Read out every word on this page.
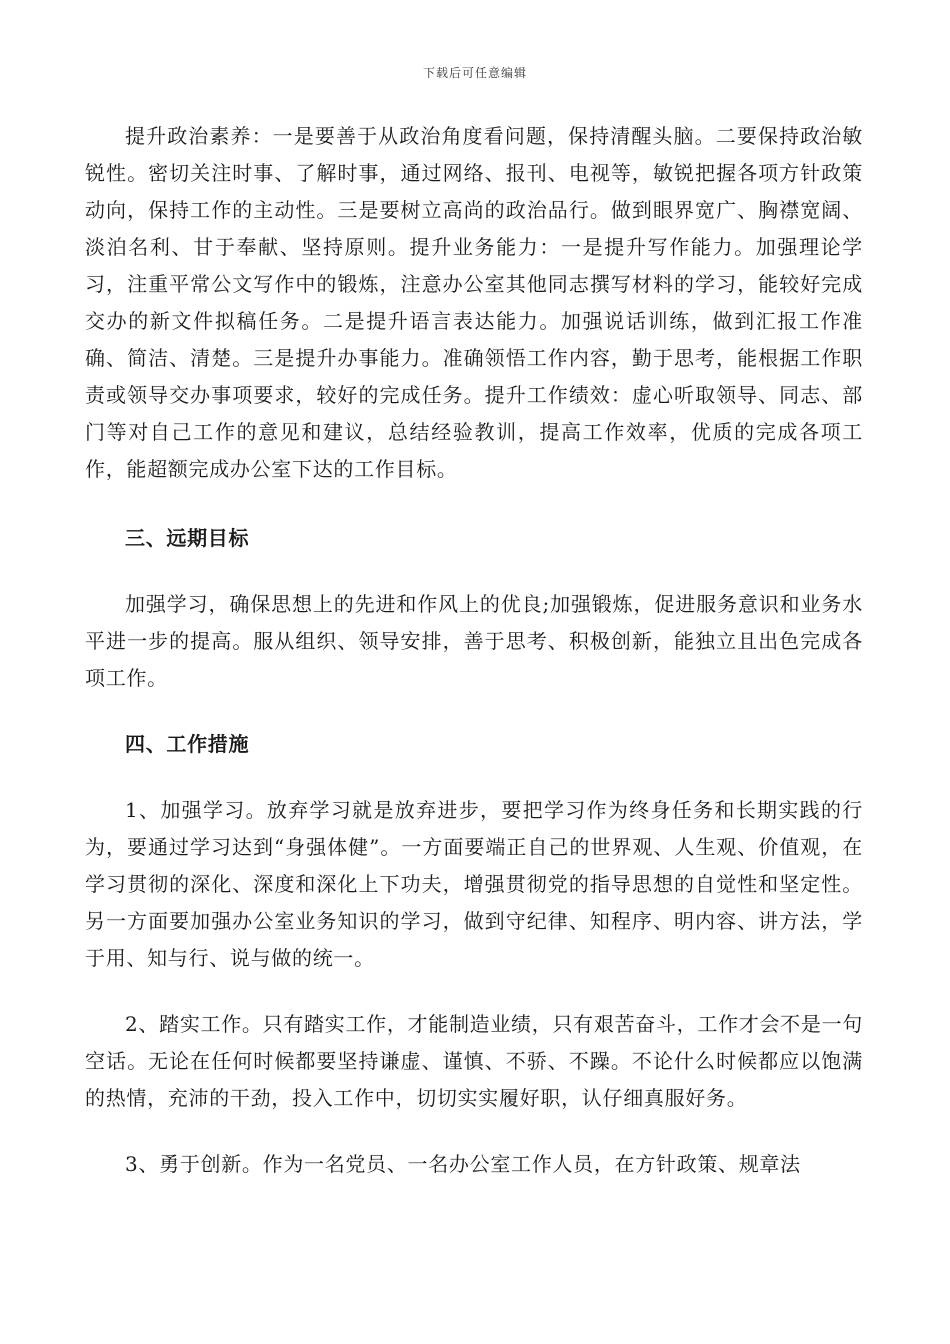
下载后可任意编辑

提升政治素养：一是要善于从政治角度看问题，保持清醒头脑。二要保持政治敏锐性。密切关注时事、了解时事，通过网络、报刊、电视等，敏锐把握各项方针政策动向，保持工作的主动性。三是要树立高尚的政治品行。做到眼界宽广、胸襟宽阔、淡泊名利、甘于奉献、坚持原则。提升业务能力：一是提升写作能力。加强理论学习，注重平常公文写作中的锻炼，注意办公室其他同志撰写材料的学习，能较好完成交办的新文件拟稿任务。二是提升语言表达能力。加强说话训练，做到汇报工作准确、简洁、清楚。三是提升办事能力。准确领悟工作内容，勤于思考，能根据工作职责或领导交办事项要求，较好的完成任务。提升工作绩效：虚心听取领导、同志、部门等对自己工作的意见和建议，总结经验教训，提高工作效率，优质的完成各项工作，能超额完成办公室下达的工作目标。

三、远期目标

加强学习，确保思想上的先进和作风上的优良;加强锻炼，促进服务意识和业务水平进一步的提高。服从组织、领导安排，善于思考、积极创新，能独立且出色完成各项工作。

四、工作措施

1、加强学习。放弃学习就是放弃进步，要把学习作为终身任务和长期实践的行为，要通过学习达到“身强体健”。一方面要端正自己的世界观、人生观、价值观，在学习贯彻的深化、深度和深化上下功夫，增强贯彻党的指导思想的自觉性和坚定性。另一方面要加强办公室业务知识的学习，做到守纪律、知程序、明内容、讲方法，学于用、知与行、说与做的统一。

2、踏实工作。只有踏实工作，才能制造业绩，只有艰苦奋斗，工作才会不是一句空话。无论在任何时候都要坚持谦虚、谨慎、不骄、不躁。不论什么时候都应以饱满的热情，充沛的干劲，投入工作中，切切实实履好职，认仔细真服好务。

3、勇于创新。作为一名党员、一名办公室工作人员，在方针政策、规章法
